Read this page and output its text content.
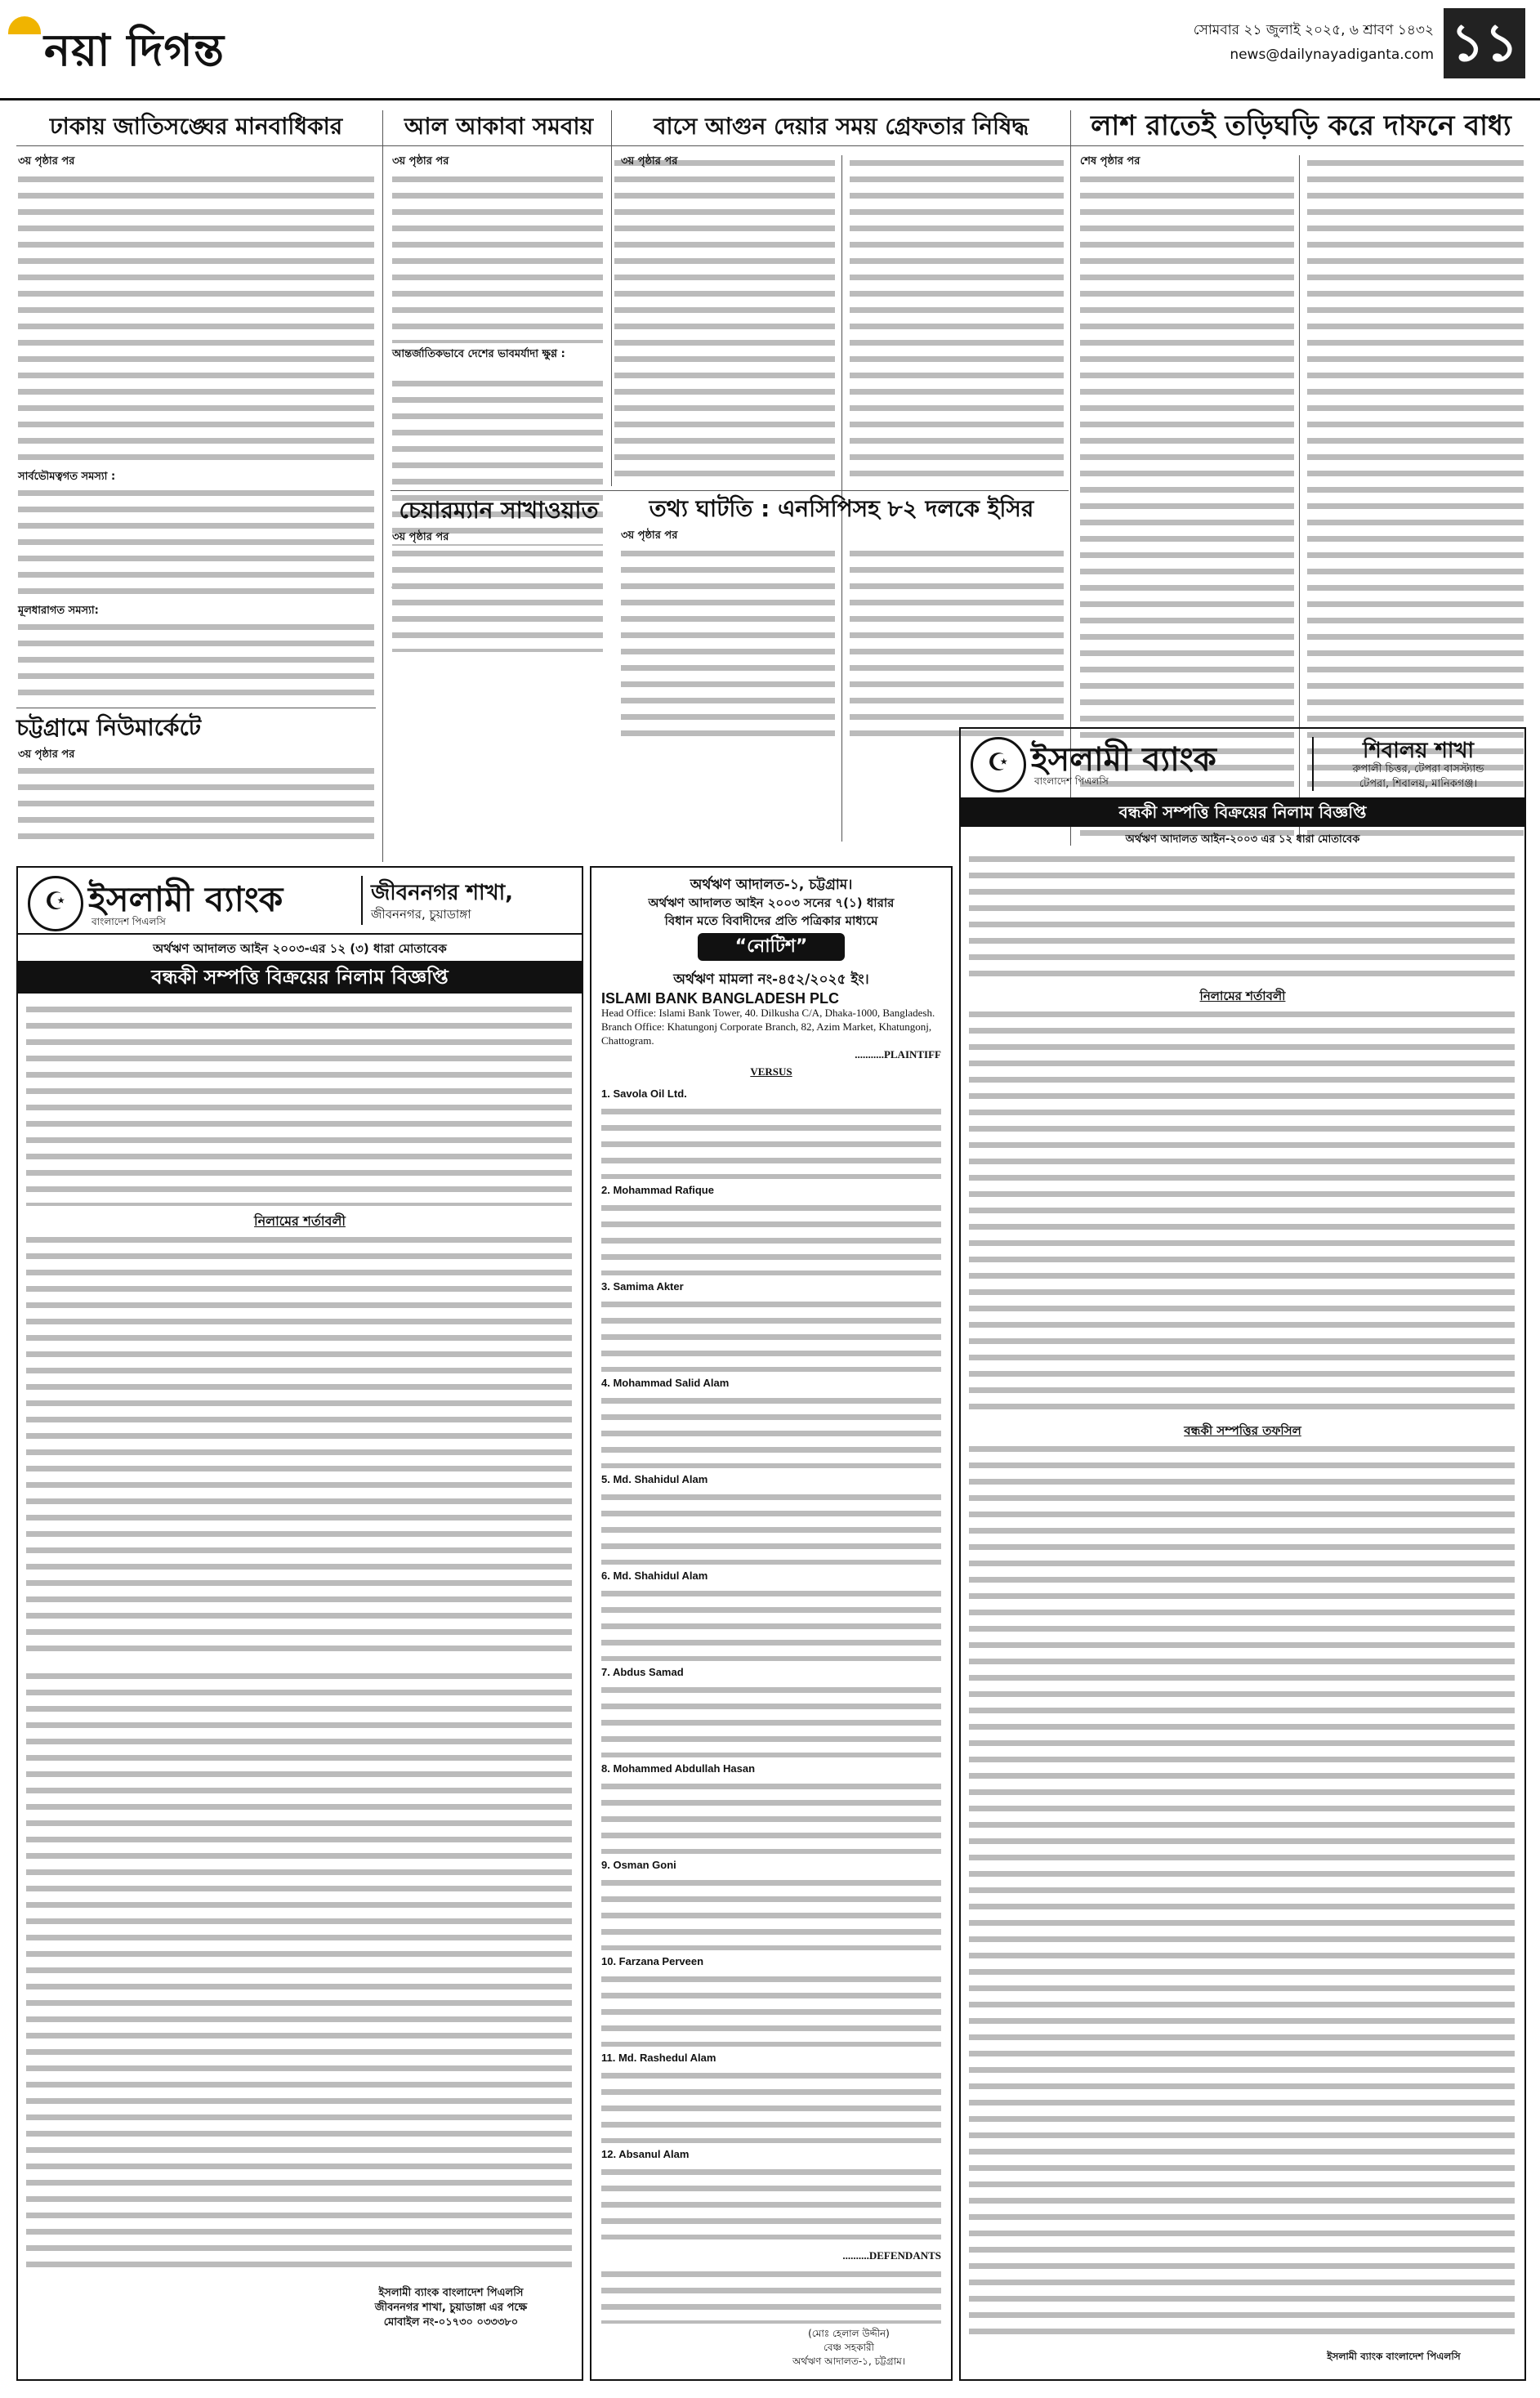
নয়া দিগন্ত	সোমবার ২১ জুলাই ২০২৫, ৬ শ্রাবণ ১৪৩২
news@dailynayadiganta.com ১১
ঢাকায় জাতিসঙ্ঘের মানবাধিকার	আল আকাবা সমবায়	বাসে আগুন দেয়ার সময় গ্রেফতার নিষিদ্ধ	লাশ রাতেই তড়িঘড়ি করে দাফনে বাধ্য
৩য় পৃষ্ঠার পর
সার্বভৌমত্বগত সমস্যা :
মূলধারাগত সমস্যা:
চট্টগ্রামে নিউমার্কেটে
৩য় পৃষ্ঠার পর
৩য় পৃষ্ঠার পর
আন্তর্জাতিকভাবে দেশের ভাবমর্যাদা ক্ষুণ্ণ :
চেয়ারম্যান সাখাওয়াত
৩য় পৃষ্ঠার পর
৩য় পৃষ্ঠার পর
তথ্য ঘাটতি : এনসিপিসহ ৮২ দলকে ইসির
৩য় পৃষ্ঠার পর
শেষ পৃষ্ঠার পর
☪ ইসলামী ব্যাংক
বাংলাদেশ পিএলসি
জীবননগর শাখা,
জীবননগর, চুয়াডাঙ্গা
অর্থঋণ আদালত আইন ২০০৩-এর ১২ (৩) ধারা মোতাবেক
বন্ধকী সম্পত্তি বিক্রয়ের নিলাম বিজ্ঞপ্তি
নিলামের শর্তাবলী
ইসলামী ব্যাংক বাংলাদেশ পিএলসি
জীবননগর শাখা, চুয়াডাঙ্গা এর পক্ষে
মোবাইল নং-০১৭৩০ ০৩৩৩৮০
অর্থঋণ আদালত-১, চট্টগ্রাম।
অর্থঋণ আদালত আইন ২০০৩ সনের ৭(১) ধারার
বিধান মতে বিবাদীদের প্রতি পত্রিকার মাধ্যমে
“নোটিশ”
অর্থঋণ মামলা নং-৪৫২/২০২৫ ইং।
ISLAMI BANK BANGLADESH PLC
Head Office: Islami Bank Tower, 40. Dilkusha C/A, Dhaka-1000, Bangladesh.
Branch Office: Khatungonj Corporate Branch, 82, Azim Market, Khatungonj, Chattogram.
...........PLAINTIFF
VERSUS
1. Savola Oil Ltd.
2. Mohammad Rafique
3. Samima Akter
4. Mohammad Salid Alam
5. Md. Shahidul Alam
6. Md. Shahidul Alam
7. Abdus Samad
8. Mohammed Abdullah Hasan
9. Osman Goni
10. Farzana Perveen
11. Md. Rashedul Alam
12. Absanul Alam
..........DEFENDANTS
(মোঃ হেলাল উদ্দীন)
বেঞ্চ সহকারী
অর্থঋণ আদালত-১, চট্টগ্রাম।
☪ ইসলামী ব্যাংক
বাংলাদেশ পিএলসি
শিবালয় শাখা
রুপালী চিত্তর, টেপরা বাসস্ট্যান্ড
টেপরা, শিবালয়, মানিকগঞ্জ।
বন্ধকী সম্পত্তি বিক্রয়ের নিলাম বিজ্ঞপ্তি
অর্থঋণ আদালত আইন-২০০৩ এর ১২ ধারা মোতাবেক
নিলামের শর্তাবলী
বন্ধকী সম্পত্তির তফসিল
ইসলামী ব্যাংক বাংলাদেশ পিএলসি
